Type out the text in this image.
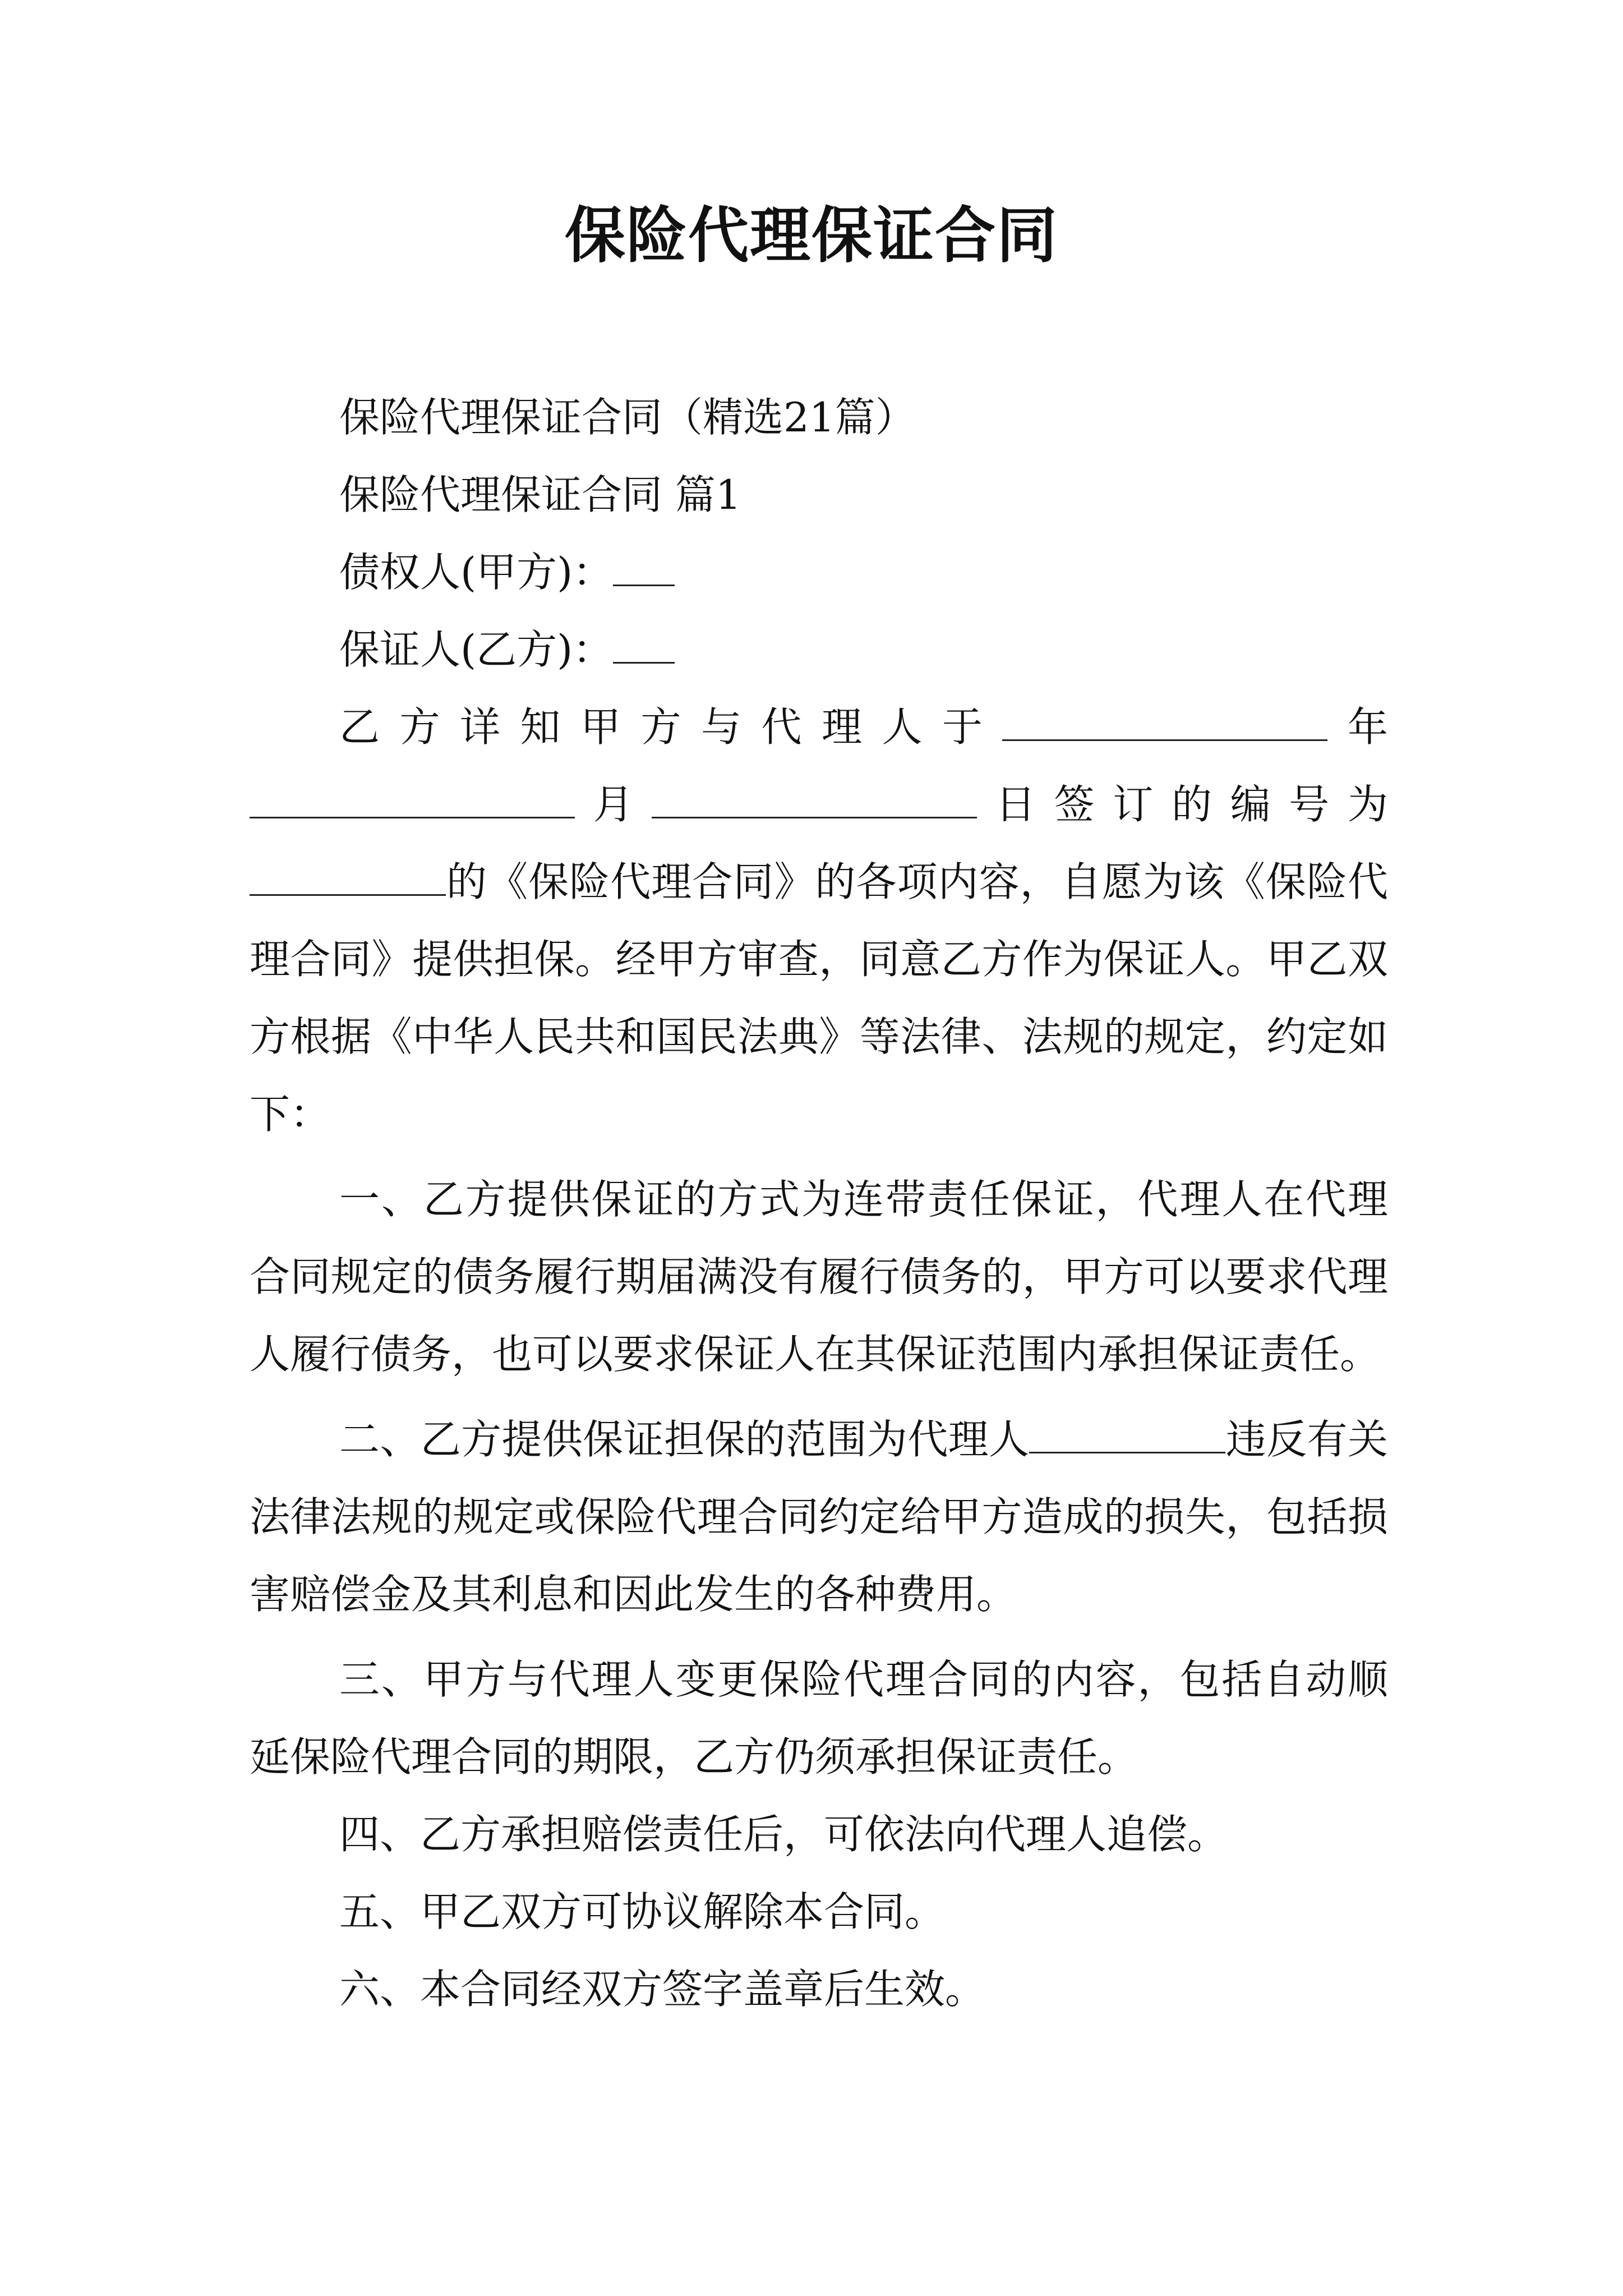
保险代理保证合同

保险代理保证合同（精选21篇）

保险代理保证合同 篇1

债权人(甲方)：

保证人(乙方)：

乙方详知甲方与代理人于	年月	日签订的编号为的《保险代理合同》的各项内容，自愿为该《保险代理合同》提供担保。经甲方审查，同意乙方作为保证人。甲乙双方根据《中华人民共和国民法典》等法律、法规的规定，约定如下：

一、乙方提供保证的方式为连带责任保证，代理人在代理合同规定的债务履行期届满没有履行债务的，甲方可以要求代理人履行债务，也可以要求保证人在其保证范围内承担保证责任。

二、乙方提供保证担保的范围为代理人	违反有关法律法规的规定或保险代理合同约定给甲方造成的损失，包括损害赔偿金及其利息和因此发生的各种费用。

三、甲方与代理人变更保险代理合同的内容，包括自动顺延保险代理合同的期限，乙方仍须承担保证责任。

四、乙方承担赔偿责任后，可依法向代理人追偿。

五、甲乙双方可协议解除本合同。

六、本合同经双方签字盖章后生效。
